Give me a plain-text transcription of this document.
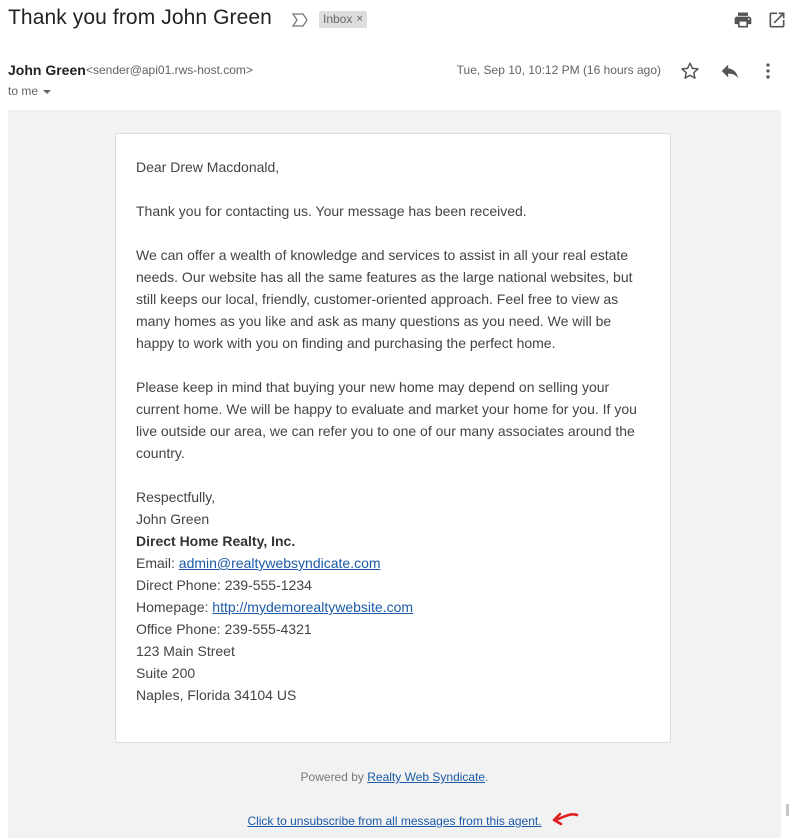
Thank you from John Green	Inbox ×
John Green <sender@api01.rws-host.com>	Tue, Sep 10, 10:12 PM (16 hours ago)
to me

Dear Drew Macdonald,

Thank you for contacting us. Your message has been received.

We can offer a wealth of knowledge and services to assist in all your real estate needs. Our website has all the same features as the large national websites, but still keeps our local, friendly, customer-oriented approach. Feel free to view as many homes as you like and ask as many questions as you need. We will be happy to work with you on finding and purchasing the perfect home.

Please keep in mind that buying your new home may depend on selling your current home. We will be happy to evaluate and market your home for you. If you live outside our area, we can refer you to one of our many associates around the country.

Respectfully,
John Green
Direct Home Realty, Inc.
Email: admin@realtywebsyndicate.com
Direct Phone: 239-555-1234
Homepage: http://mydemorealtywebsite.com
Office Phone: 239-555-4321
123 Main Street
Suite 200
Naples, Florida 34104 US
Powered by Realty Web Syndicate.
Click to unsubscribe from all messages from this agent.
